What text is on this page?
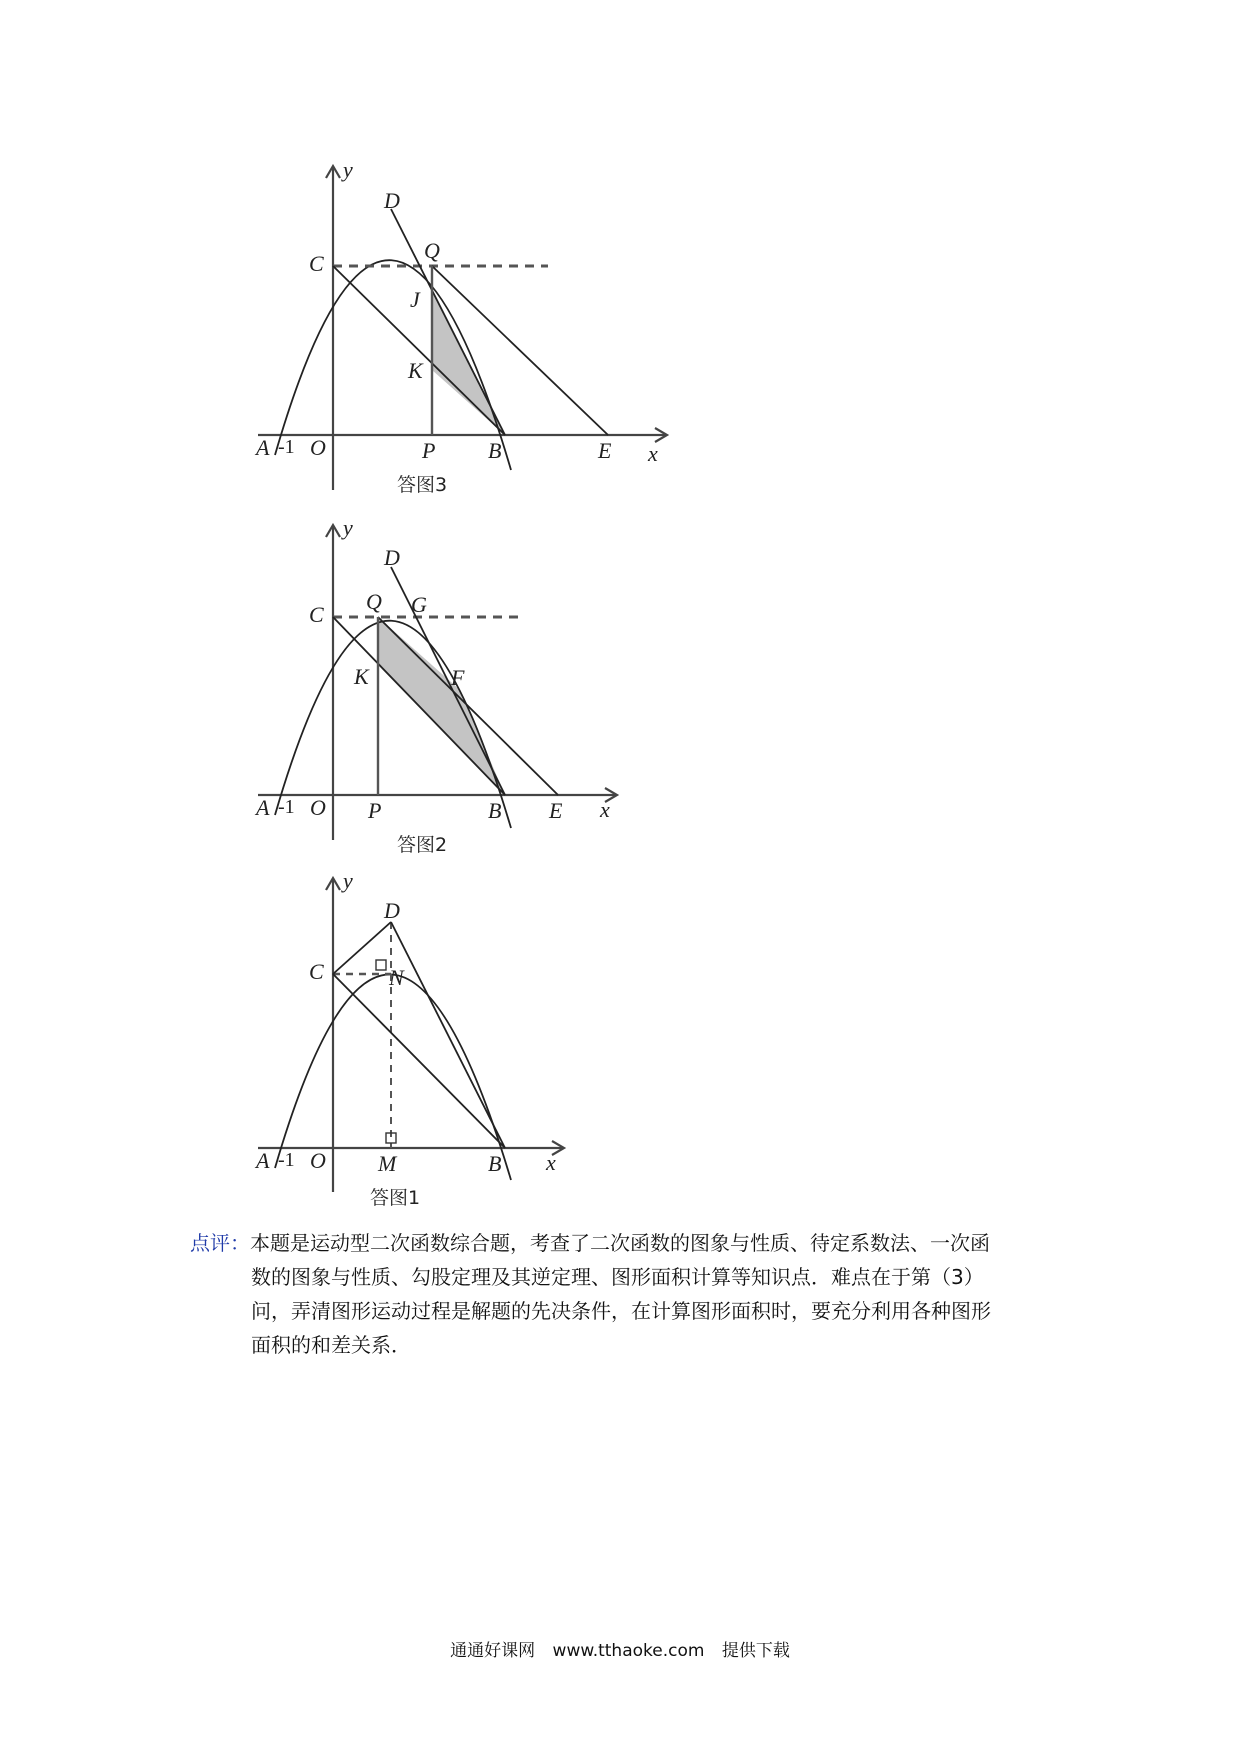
y
x
A -1 O	P B	E
C
D
Q
J
K
答图3
y
x
A -1 O P	B E
C
D
Q G
K	F
答图2
y
x
A -1 O M	B
C
D
N
答图1
点评：本题是运动型二次函数综合题，考查了二次函数的图象与性质、待定系数法、一次函
数的图象与性质、勾股定理及其逆定理、图形面积计算等知识点．难点在于第（3）
问，弄清图形运动过程是解题的先决条件，在计算图形面积时，要充分利用各种图形
面积的和差关系．
通通好课网 www.tthaoke.com 提供下载
